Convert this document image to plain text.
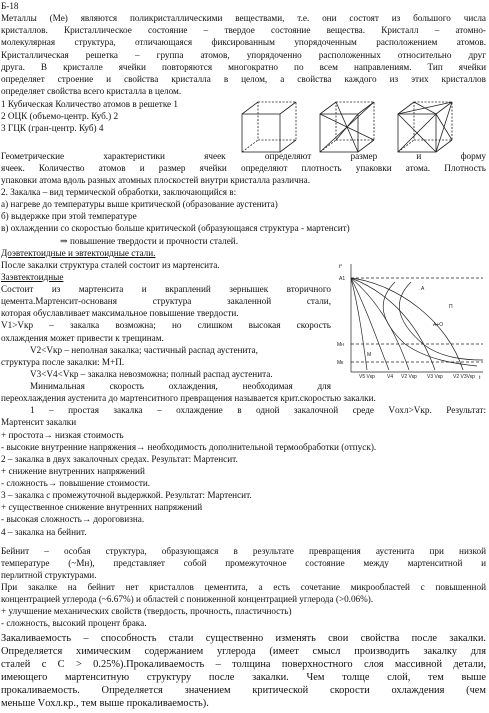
Б-18
Металлы (Ме) являются поликристаллическими веществами, т.е. они состоят из большого числа
кристаллов. Кристаллическое состояние – твердое состояние вещества. Кристалл – атомно-
молекулярная структура, отличающаяся фиксированным упорядоченным расположением атомов.
Кристаллическая решетка – группа атомов, упорядоченно расположенных относительно друг
друга. В кристалле ячейки повторяются многократно по всем направлениям. Тип ячейки
определяет строение и свойства кристалла в целом, а свойства каждого из этих кристаллов
определяет свойства всего кристалла в целом.
1 Кубическая Количество атомов в решетке 1
2 ОЦК (объемо-центр. Куб.) 2
3 ГЦК (гран-центр. Куб) 4
Геометрические характеристики ячеек определяют размер и форму
ячеек. Количество атомов и размер ячейки определяют плотность упаковки атома. Плотность
упаковки атома вдоль разных атомных плоскостей внутри кристалла различна.
2. Закалка – вид термической обработки, заключающийся в:
а) нагреве до температуры выше критической (образование аустенита)
б) выдержке при этой температуре
в) охлаждении со скоростью больше критической (образующаяся структура - мартенсит)
⇒ повышение твердости и прочности сталей.
Доэвтектоидные и эвтектоидные стали.
После закалки структура сталей состоит из мартенсита.
Заэвтектоидные
Состоит из мартенсита и вкраплений зернышек вторичного
цемента.Мартенсит-основаня структура закаленной стали,
которая обуславливает максимальное повышение твердости.
V1>Vкр – закалка возможна; но слишком высокая скорость
охлаждения может привести к трещинам.
V2<Vкр – неполная закалка; частичный распад аустенита,
структура после закалки: М+П.
V3<V4<Vкр – закалка невозможна; полный распад аустенита.
Минимальная скорость охлаждения, необходимая для
переохлаждения аустенита до мартенситного превращения называется крит.скоростью закалки.
1 – простая закалка – охлаждение в одной закалочной среде Vохл>Vкр. Результат:
Мартенсит закалки
+ простота→ низкая стоимость
- высокие внутренние напряжения→ необходимость дополнительной термообработки (отпуск).
2 – закалка в двух закалочных средах. Результат: Мартенсит.
+ снижение внутренних напряжений
- сложность→ повышение стоимости.
3 – закалка с промежуточной выдержкой. Результат: Мартенсит.
+ существенное снижение внутренних напряжений
- высокая сложность→ дороговизна.
4 – закалка на бейнит.
t°
A1
Mн
Mк
A
П
M
A+О
t
V5 Vкр V4 V2 Vкр V3 Vкр V2 V3Vкр
Бейнит – особая структура, образующаяся в результате превращения аустенита при низкой
температуре (~Мн), представляет собой промежуточное состояние между мартенситной и
перлитной структурами.
При закалке на бейнит нет кристаллов цементита, а есть сочетание микрообластей с повышенной
концентрацией углерода (~6.67%) и областей с пониженной концентрацией углерода (>0.06%).
+ улучшение механических свойств (твердость, прочность, пластичность)
- сложность, высокий процент брака.
Закаливаемость – способность стали существенно изменять свои свойства после закалки.
Определяется химическим содержанием углерода (имеет смысл производить закалку для
сталей с С > 0.25%).Прокаливаемость – толщина поверхностного слоя массивной детали,
имеющего мартенситную структуру после закалки. Чем толще слой, тем выше
прокаливаемость. Определяется значением критической скорости охлаждения (чем
меньше Vохл.кр., тем выше прокаливаемость).
